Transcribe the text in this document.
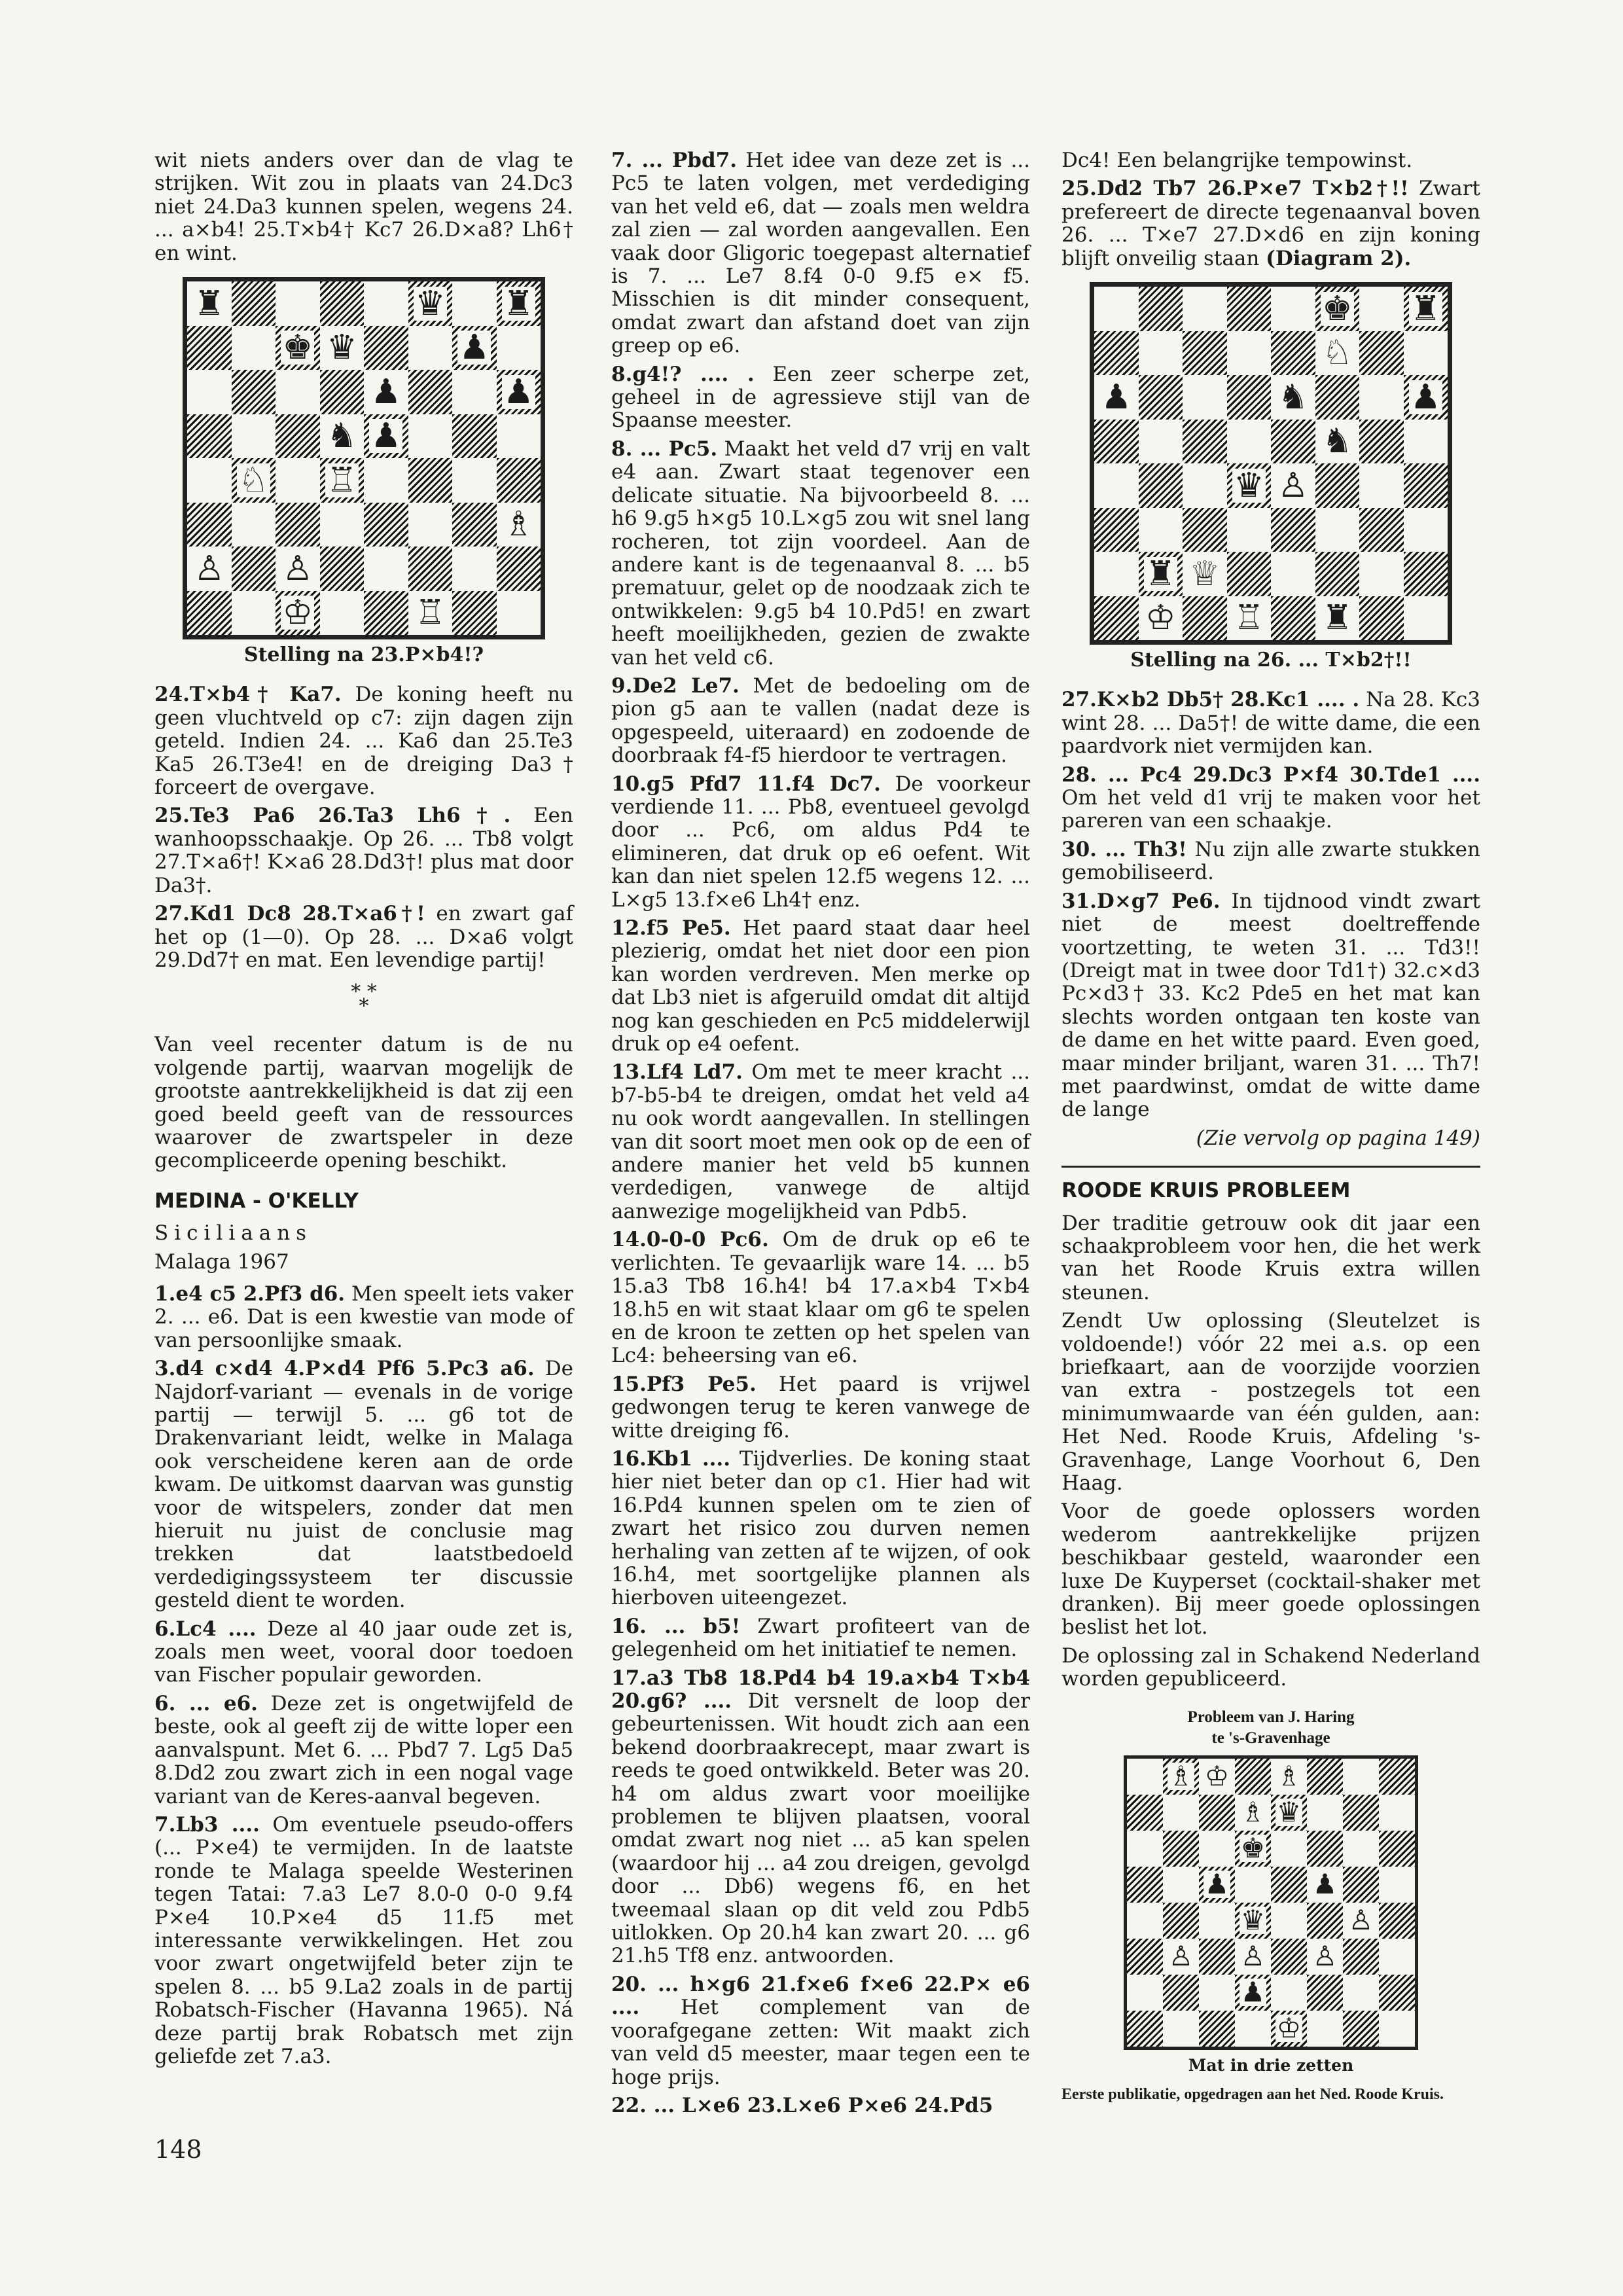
wit niets anders over dan de vlag te strijken. Wit zou in plaats van 24.Dc3 niet 24.Da3 kunnen spelen, wegens 24. ... a×b4! 25.T×b4† Kc7 26.D×a8? Lh6† en wint.

♜	♛ ♜
♚ ♛	♟
♟	♟
♞ ♟
♘ ♖
♗
♙ ♙
♔	♖
Stelling na 23.P×b4!?

24.T×b4† Ka7. De koning heeft nu geen vluchtveld op c7: zijn dagen zijn geteld. Indien 24. ... Ka6 dan 25.Te3 Ka5 26.T3e4! en de dreiging Da3† forceert de overgave.

25.Te3 Pa6 26.Ta3 Lh6†. Een wanhoopsschaakje. Op 26. ... Tb8 volgt 27.T×a6†! K×a6 28.Dd3†! plus mat door Da3†.

27.Kd1 Dc8 28.T×a6†! en zwart gaf het op (1—0). Op 28. ... D×a6 volgt 29.Dd7† en mat. Een levendige partij!

* *
*

Van veel recenter datum is de nu volgende partij, waarvan mogelijk de grootste aantrekkelijkheid is dat zij een goed beeld geeft van de ressources waarover de zwartspeler in deze gecompliceerde opening beschikt.

MEDINA - O'KELLY

Siciliaans

Malaga 1967

1.e4 c5 2.Pf3 d6. Men speelt iets vaker 2. ... e6. Dat is een kwestie van mode of van persoonlijke smaak.

3.d4 c×d4 4.P×d4 Pf6 5.Pc3 a6. De Najdorf-variant — evenals in de vorige partij — terwijl 5. ... g6 tot de Drakenvariant leidt, welke in Malaga ook verscheidene keren aan de orde kwam. De uitkomst daarvan was gunstig voor de witspelers, zonder dat men hieruit nu juist de conclusie mag trekken dat laatstbedoeld verdedigingssysteem ter discussie gesteld dient te worden.

6.Lc4 .... Deze al 40 jaar oude zet is, zoals men weet, vooral door toedoen van Fischer populair geworden.

6. ... e6. Deze zet is ongetwijfeld de beste, ook al geeft zij de witte loper een aanvalspunt. Met 6. ... Pbd7 7. Lg5 Da5 8.Dd2 zou zwart zich in een nogal vage variant van de Keres-aanval begeven.

7.Lb3 .... Om eventuele pseudo-offers (... P×e4) te vermijden. In de laatste ronde te Malaga speelde Westerinen tegen Tatai: 7.a3 Le7 8.0-0 0-0 9.f4 P×e4 10.P×e4 d5 11.f5 met interessante verwikkelingen. Het zou voor zwart ongetwijfeld beter zijn te spelen 8. ... b5 9.La2 zoals in de partij Robatsch-Fischer (Havanna 1965). Ná deze partij brak Robatsch met zijn geliefde zet 7.a3.

7. ... Pbd7. Het idee van deze zet is ... Pc5 te laten volgen, met verdediging van het veld e6, dat — zoals men weldra zal zien — zal worden aangevallen. Een vaak door Gligoric toegepast alternatief is 7. ... Le7 8.f4 0-0 9.f5 e× f5. Misschien is dit minder consequent, omdat zwart dan afstand doet van zijn greep op e6.

8.g4!? .... . Een zeer scherpe zet, geheel in de agressieve stijl van de Spaanse meester.

8. ... Pc5. Maakt het veld d7 vrij en valt e4 aan. Zwart staat tegenover een delicate situatie. Na bijvoorbeeld 8. ... h6 9.g5 h×g5 10.L×g5 zou wit snel lang rocheren, tot zijn voordeel. Aan de andere kant is de tegenaanval 8. ... b5 prematuur, gelet op de noodzaak zich te ontwikkelen: 9.g5 b4 10.Pd5! en zwart heeft moeilijkheden, gezien de zwakte van het veld c6.

9.De2 Le7. Met de bedoeling om de pion g5 aan te vallen (nadat deze is opgespeeld, uiteraard) en zodoende de doorbraak f4-f5 hierdoor te vertragen.

10.g5 Pfd7 11.f4 Dc7. De voorkeur verdiende 11. ... Pb8, eventueel gevolgd door ... Pc6, om aldus Pd4 te elimineren, dat druk op e6 oefent. Wit kan dan niet spelen 12.f5 wegens 12. ... L×g5 13.f×e6 Lh4† enz.

12.f5 Pe5. Het paard staat daar heel plezierig, omdat het niet door een pion kan worden verdreven. Men merke op dat Lb3 niet is afgeruild omdat dit altijd nog kan geschieden en Pc5 middelerwijl druk op e4 oefent.

13.Lf4 Ld7. Om met te meer kracht ... b7-b5-b4 te dreigen, omdat het veld a4 nu ook wordt aangevallen. In stellingen van dit soort moet men ook op de een of andere manier het veld b5 kunnen verdedigen, vanwege de altijd aanwezige mogelijkheid van Pdb5.

14.0-0-0 Pc6. Om de druk op e6 te verlichten. Te gevaarlijk ware 14. ... b5 15.a3 Tb8 16.h4! b4 17.a×b4 T×b4 18.h5 en wit staat klaar om g6 te spelen en de kroon te zetten op het spelen van Lc4: beheersing van e6.

15.Pf3 Pe5. Het paard is vrijwel gedwongen terug te keren vanwege de witte dreiging f6.

16.Kb1 .... Tijdverlies. De koning staat hier niet beter dan op c1. Hier had wit 16.Pd4 kunnen spelen om te zien of zwart het risico zou durven nemen herhaling van zetten af te wijzen, of ook 16.h4, met soortgelijke plannen als hierboven uiteengezet.

16. ... b5! Zwart profiteert van de gelegenheid om het initiatief te nemen.

17.a3 Tb8 18.Pd4 b4 19.a×b4 T×b4 20.g6? .... Dit versnelt de loop der gebeurtenissen. Wit houdt zich aan een bekend doorbraakrecept, maar zwart is reeds te goed ontwikkeld. Beter was 20. h4 om aldus zwart voor moeilijke problemen te blijven plaatsen, vooral omdat zwart nog niet ... a5 kan spelen (waardoor hij ... a4 zou dreigen, gevolgd door ... Db6) wegens f6, en het tweemaal slaan op dit veld zou Pdb5 uitlokken. Op 20.h4 kan zwart 20. ... g6 21.h5 Tf8 enz. antwoorden.

20. ... h×g6 21.f×e6 f×e6 22.P× e6 .... Het complement van de voorafgegane zetten: Wit maakt zich van veld d5 meester, maar tegen een te hoge prijs.

22. ... L×e6 23.L×e6 P×e6 24.Pd5

Dc4! Een belangrijke tempowinst.

25.Dd2 Tb7 26.P×e7 T×b2†!! Zwart prefereert de directe tegenaanval boven 26. ... T×e7 27.D×d6 en zijn koning blijft onveilig staan (Diagram 2).

♚ ♜
♘
♟	♞	♟
♞
♛ ♙
♜ ♕
♔ ♖ ♜
Stelling na 26. ... T×b2†!!

27.K×b2 Db5† 28.Kc1 .... . Na 28. Kc3 wint 28. ... Da5†! de witte dame, die een paardvork niet vermijden kan.

28. ... Pc4 29.Dc3 P×f4 30.Tde1 .... Om het veld d1 vrij te maken voor het pareren van een schaakje.

30. ... Th3! Nu zijn alle zwarte stukken gemobiliseerd.

31.D×g7 Pe6. In tijdnood vindt zwart niet de meest doeltreffende voortzetting, te weten 31. ... Td3!! (Dreigt mat in twee door Td1†) 32.c×d3 Pc×d3† 33. Kc2 Pde5 en het mat kan slechts worden ontgaan ten koste van de dame en het witte paard. Even goed, maar minder briljant, waren 31. ... Th7! met paardwinst, omdat de witte dame de lange

(Zie vervolg op pagina 149)

ROODE KRUIS PROBLEEM

Der traditie getrouw ook dit jaar een schaakprobleem voor hen, die het werk van het Roode Kruis extra willen steunen.

Zendt Uw oplossing (Sleutelzet is voldoende!) vóór 22 mei a.s. op een briefkaart, aan de voorzijde voorzien van extra - postzegels tot een minimumwaarde van één gulden, aan: Het Ned. Roode Kruis, Afdeling 's-Gravenhage, Lange Voorhout 6, Den Haag.

Voor de goede oplossers worden wederom aantrekkelijke prijzen beschikbaar gesteld, waaronder een luxe De Kuyperset (cocktail-shaker met dranken). Bij meer goede oplossingen beslist het lot.

De oplossing zal in Schakend Nederland worden gepubliceerd.

Probleem van J. Haring
te 's-Gravenhage
♗ ♔ ♗
♗ ♛
♚
♟	♟
♛	♙
♙ ♙ ♙
♟
♔
Mat in drie zetten
Eerste publikatie, opgedragen aan het Ned. Roode Kruis.
148
